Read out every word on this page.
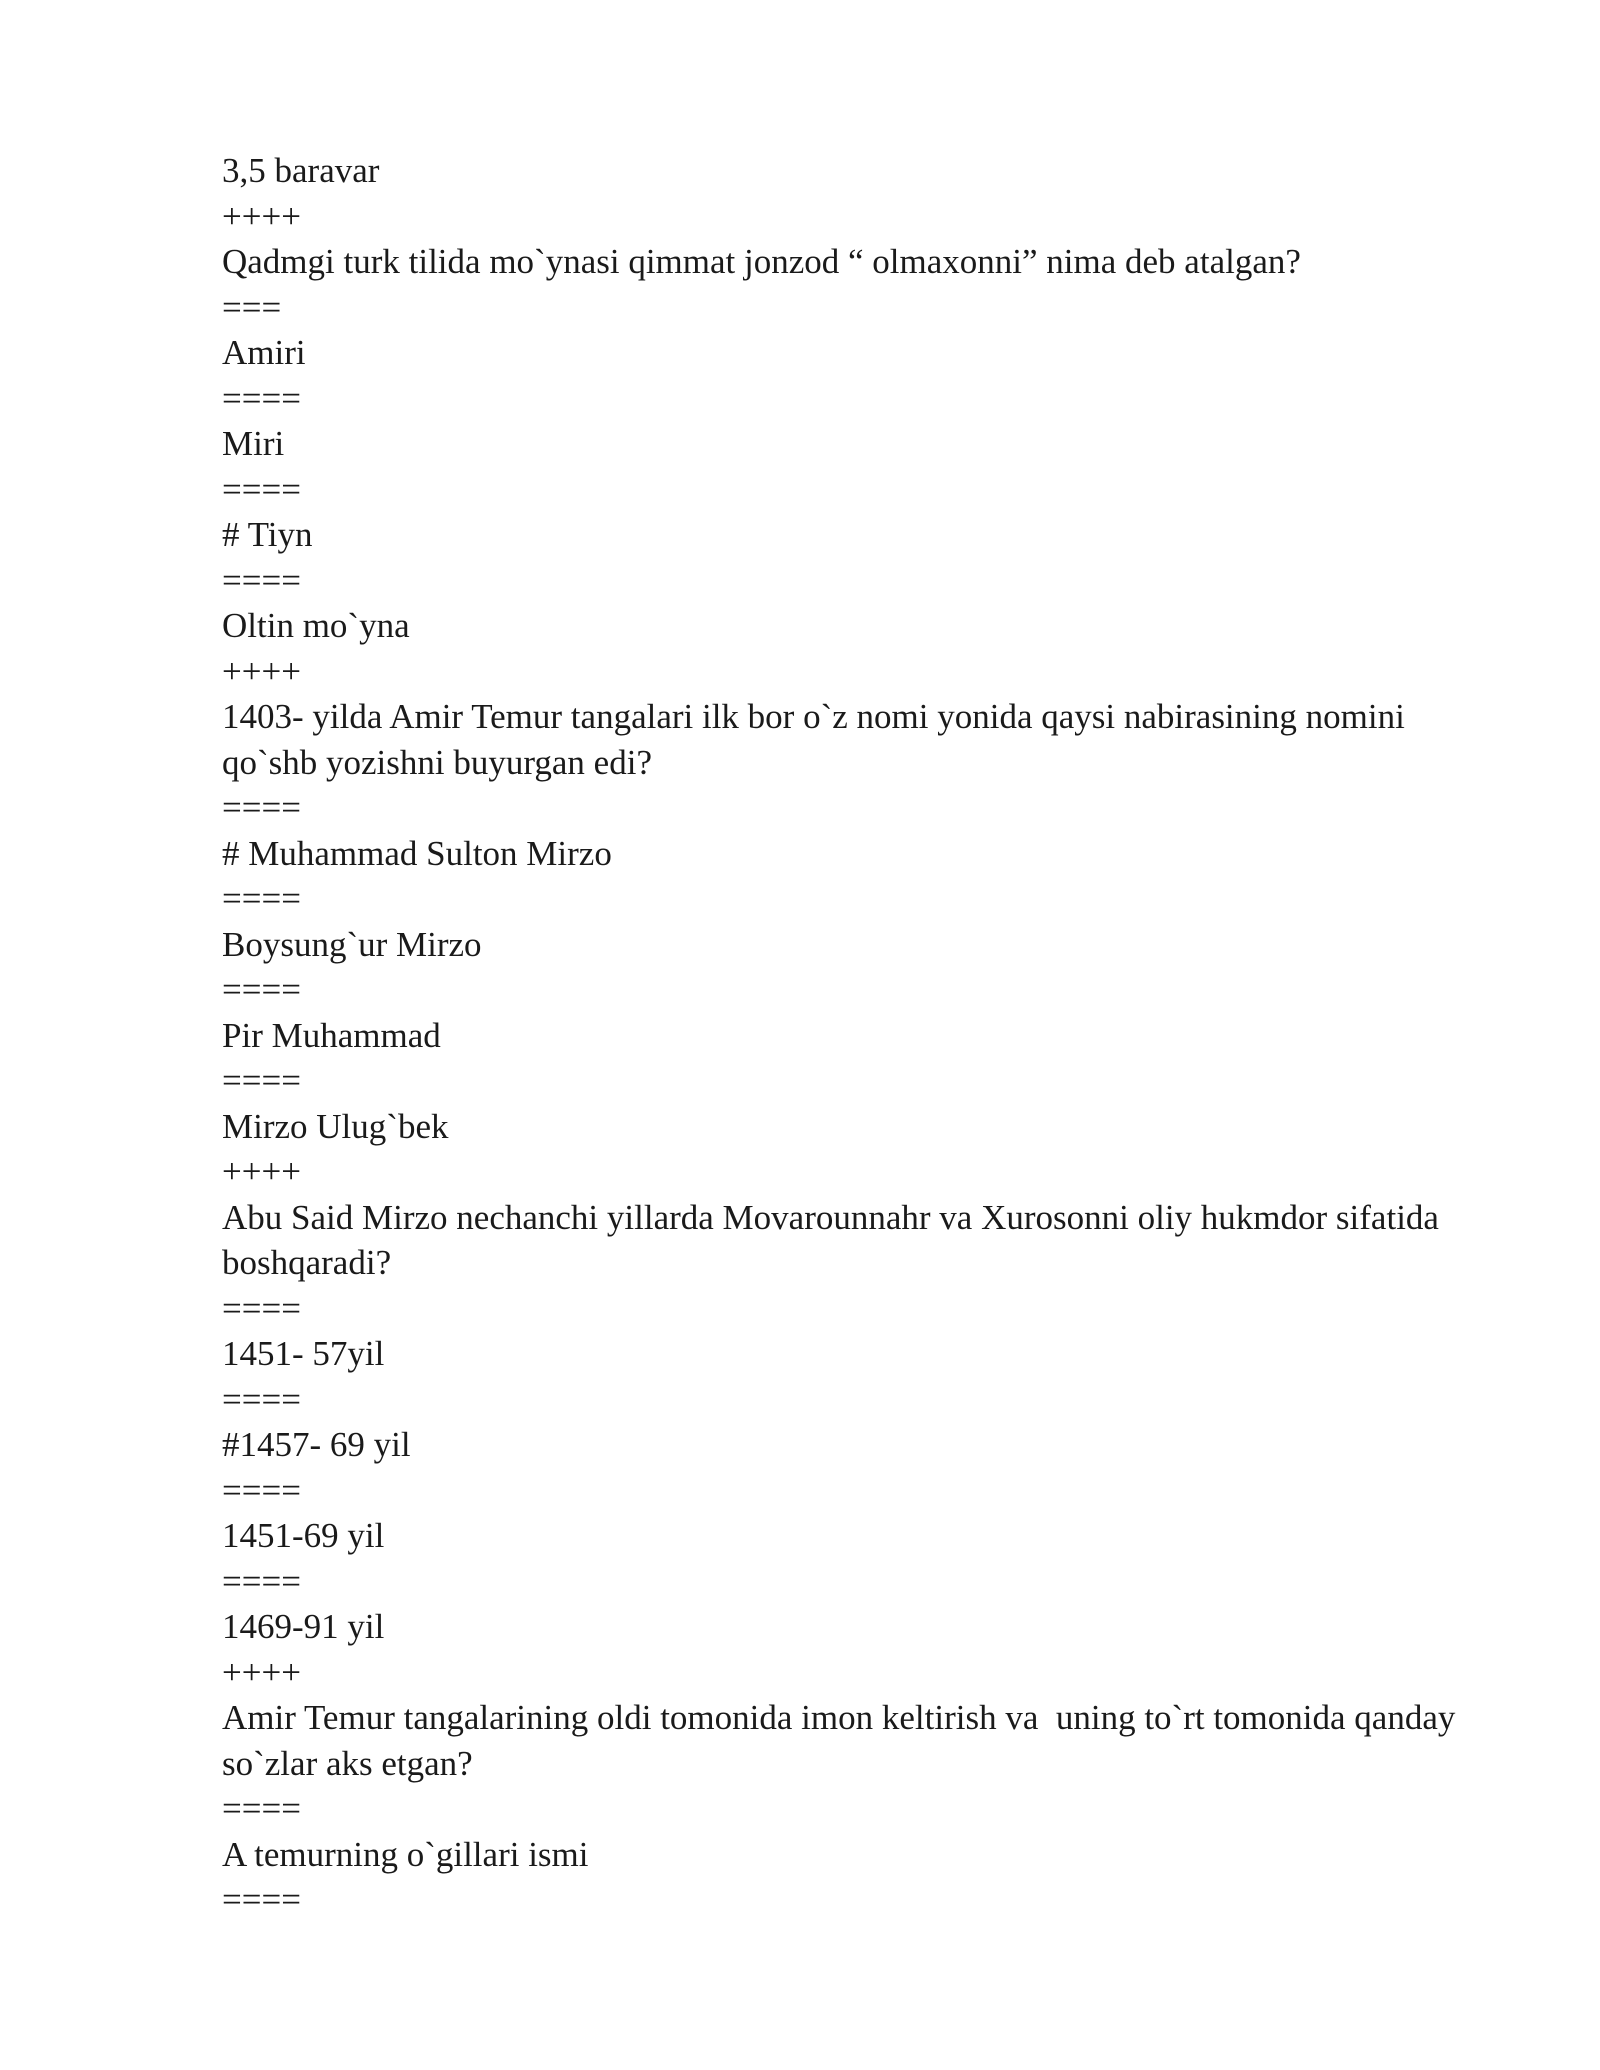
3,5 baravar

++++

Qadmgi turk tilida mo`ynasi qimmat jonzod “ olmaxonni” nima deb atalgan?

===

Amiri

====

Miri

====

# Tiyn

====

Oltin mo`yna

++++

1403- yilda Amir Temur tangalari ilk bor o`z nomi yonida qaysi nabirasining nomini qo`shb yozishni buyurgan edi?

====

# Muhammad Sulton Mirzo

====

Boysung`ur Mirzo

====

Pir Muhammad

====

Mirzo Ulug`bek

++++

Abu Said Mirzo nechanchi yillarda Movarounnahr va Xurosonni oliy hukmdor sifatida boshqaradi?

====

1451- 57yil

====

#1457- 69 yil

====

1451-69 yil

====

1469-91 yil

++++

Amir Temur tangalarining oldi tomonida imon keltirish va  uning to`rt tomonida qanday so`zlar aks etgan?

====

A temurning o`gillari ismi

====
